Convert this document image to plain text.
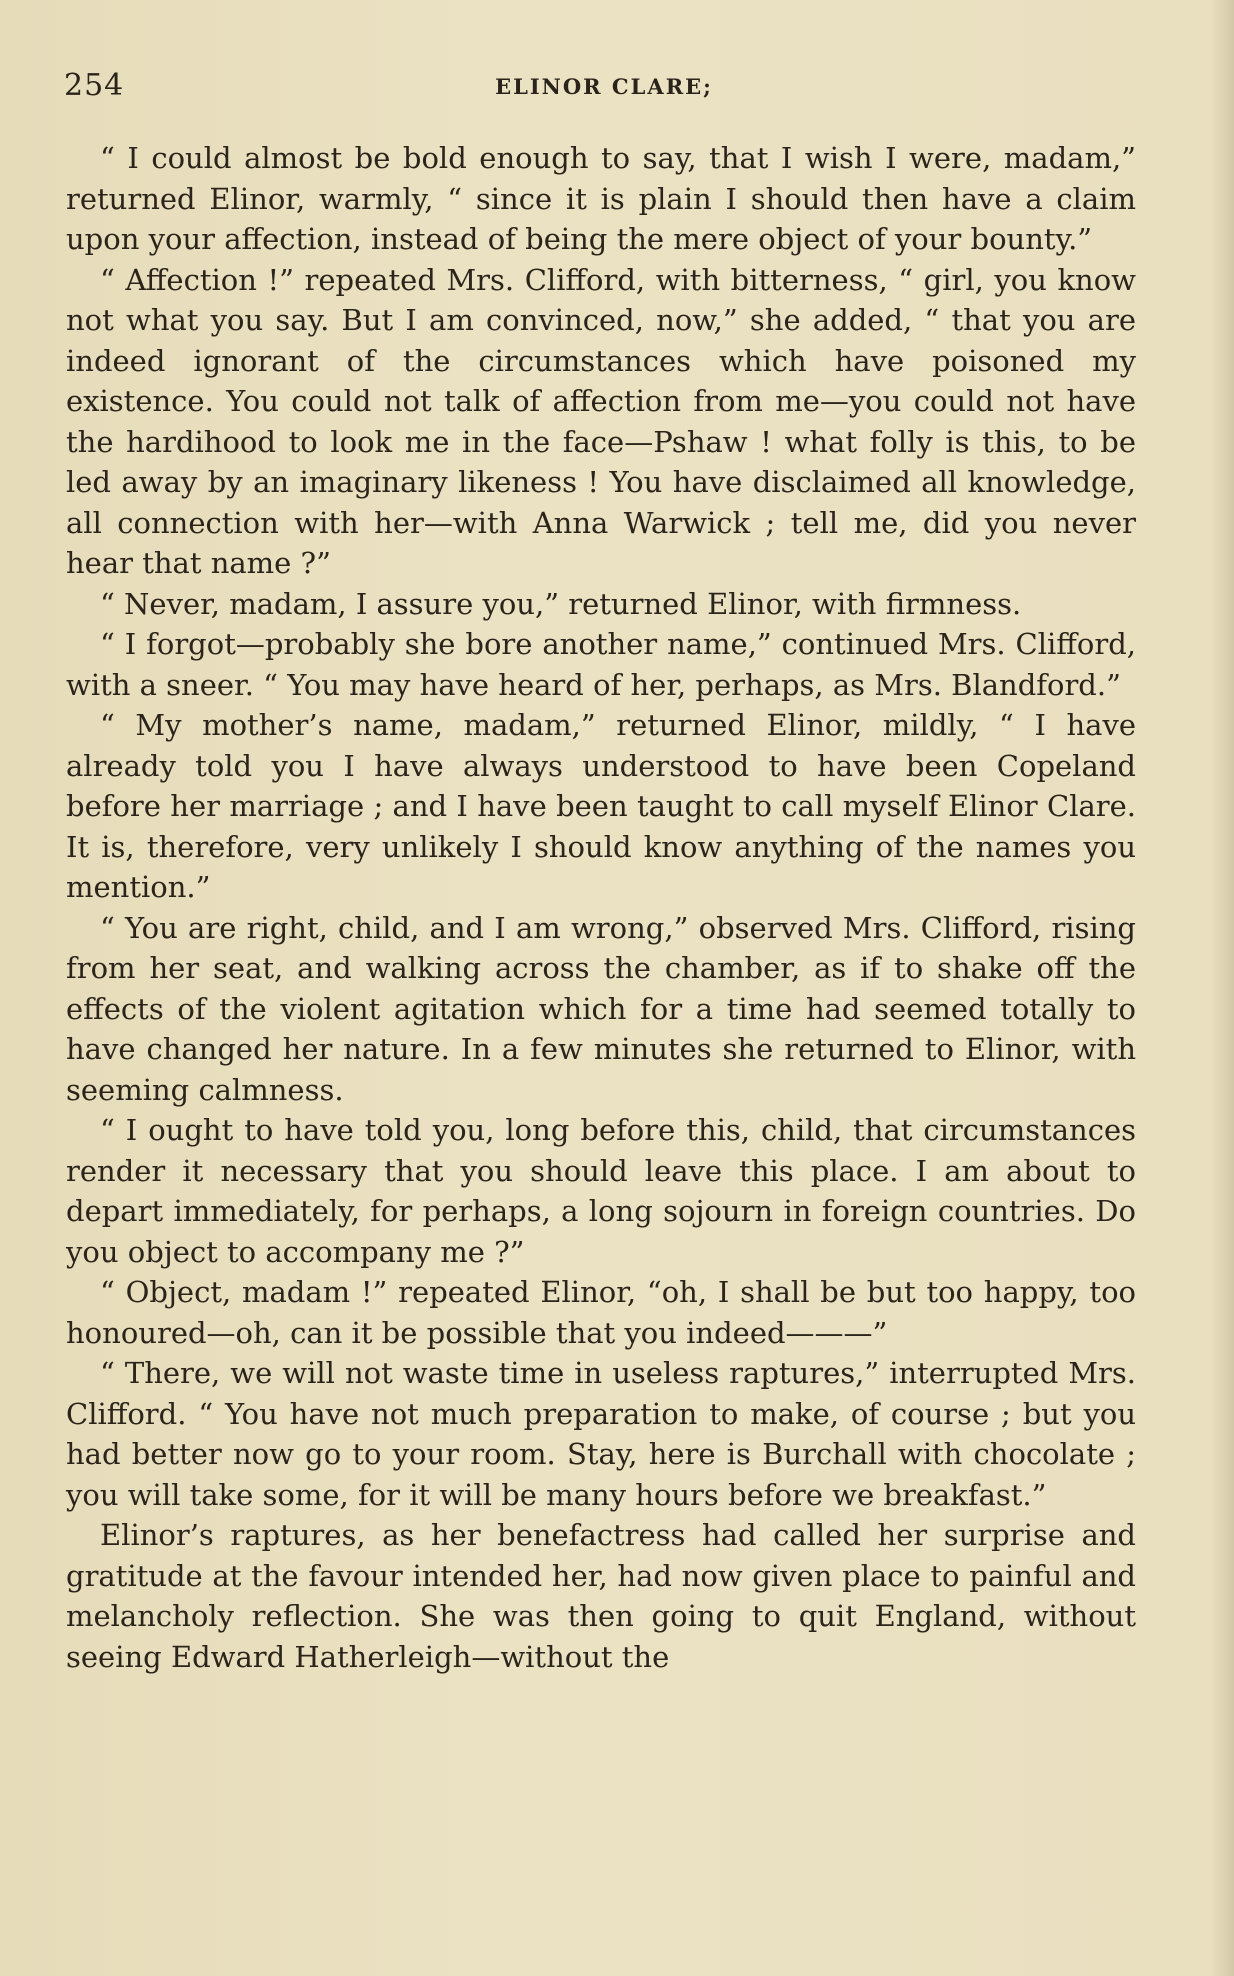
254	ELINOR CLARE;

“ I could almost be bold enough to say, that I wish I were, madam,” returned Elinor, warmly, “ since it is plain I should then have a claim upon your affection, instead of being the mere object of your bounty.”

“ Affection !” repeated Mrs. Clifford, with bitterness, “ girl, you know not what you say. But I am convinced, now,” she added, “ that you are indeed ignorant of the circumstances which have poisoned my existence. You could not talk of affection from me—you could not have the hardihood to look me in the face—Pshaw ! what folly is this, to be led away by an imaginary likeness ! You have disclaimed all knowledge, all connection with her—with Anna Warwick ; tell me, did you never hear that name ?”

“ Never, madam, I assure you,” returned Elinor, with firmness.

“ I forgot—probably she bore another name,” continued Mrs. Clifford, with a sneer. “ You may have heard of her, perhaps, as Mrs. Blandford.”

“ My mother’s name, madam,” returned Elinor, mildly, “ I have already told you I have always understood to have been Copeland before her marriage ; and I have been taught to call myself Elinor Clare. It is, therefore, very unlikely I should know anything of the names you mention.”

“ You are right, child, and I am wrong,” observed Mrs. Clifford, rising from her seat, and walking across the chamber, as if to shake off the effects of the violent agitation which for a time had seemed totally to have changed her nature. In a few minutes she returned to Elinor, with seeming calmness.

“ I ought to have told you, long before this, child, that circumstances render it necessary that you should leave this place. I am about to depart immediately, for perhaps, a long sojourn in foreign countries. Do you object to accompany me ?”

“ Object, madam !” repeated Elinor, “oh, I shall be but too happy, too honoured—oh, can it be possible that you indeed———”

“ There, we will not waste time in useless raptures,” interrupted Mrs. Clifford. “ You have not much preparation to make, of course ; but you had better now go to your room. Stay, here is Burchall with chocolate ; you will take some, for it will be many hours before we breakfast.”

Elinor’s raptures, as her benefactress had called her surprise and gratitude at the favour intended her, had now given place to painful and melancholy reflection. She was then going to quit England, without seeing Edward Hatherleigh—without the
